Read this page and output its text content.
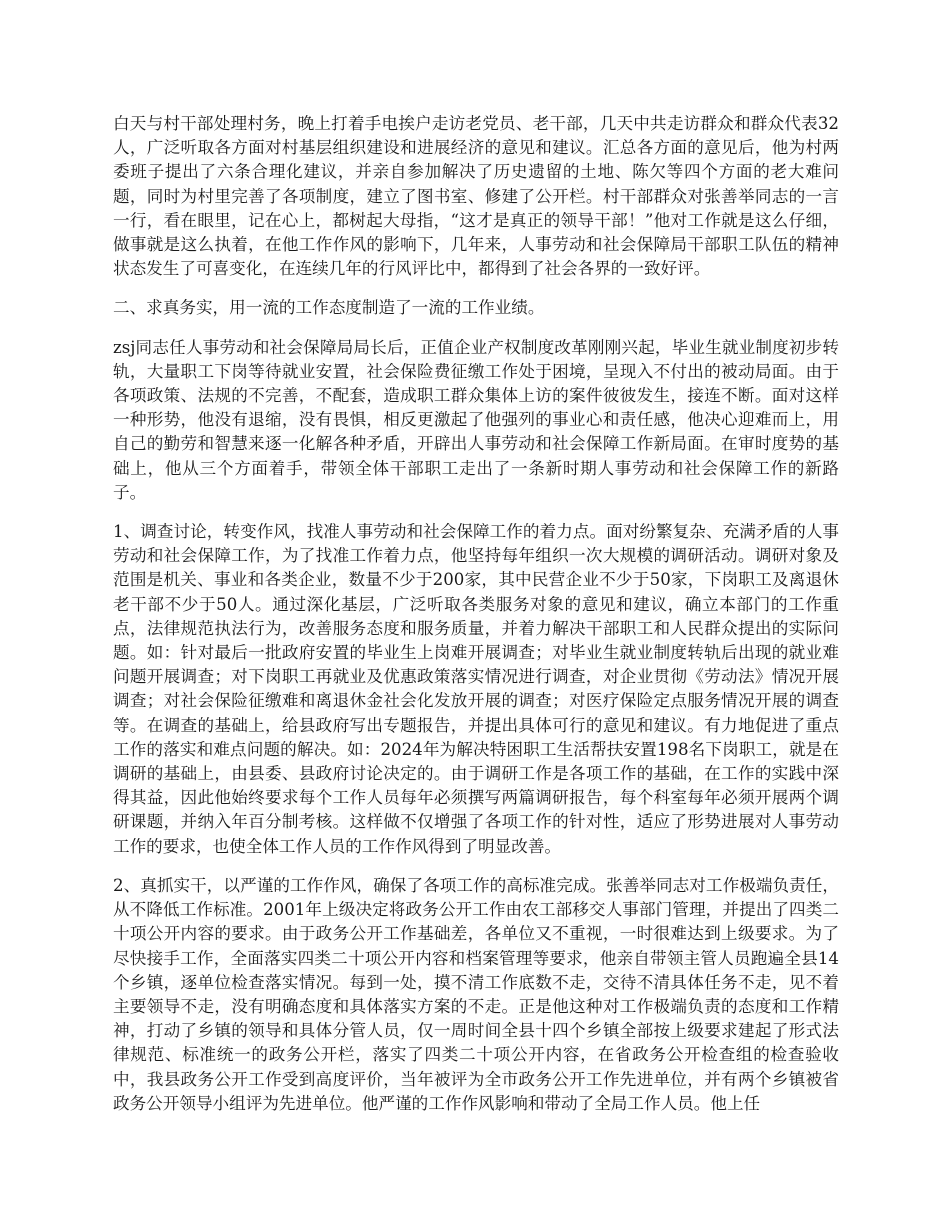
白天与村干部处理村务，晚上打着手电挨户走访老党员、老干部，几天中共走访群众和群众代表32人，广泛听取各方面对村基层组织建设和进展经济的意见和建议。汇总各方面的意见后，他为村两委班子提出了六条合理化建议，并亲自参加解决了历史遗留的土地、陈欠等四个方面的老大难问题，同时为村里完善了各项制度，建立了图书室、修建了公开栏。村干部群众对张善举同志的一言一行，看在眼里，记在心上，都树起大母指，“这才是真正的领导干部！”他对工作就是这么仔细，做事就是这么执着，在他工作作风的影响下，几年来，人事劳动和社会保障局干部职工队伍的精神状态发生了可喜变化，在连续几年的行风评比中，都得到了社会各界的一致好评。

二、求真务实，用一流的工作态度制造了一流的工作业绩。

zsj同志任人事劳动和社会保障局局长后，正值企业产权制度改革刚刚兴起，毕业生就业制度初步转轨，大量职工下岗等待就业安置，社会保险费征缴工作处于困境，呈现入不付出的被动局面。由于各项政策、法规的不完善，不配套，造成职工群众集体上访的案件彼彼发生，接连不断。面对这样一种形势，他没有退缩，没有畏惧，相反更激起了他强列的事业心和责任感，他决心迎难而上，用自己的勤劳和智慧来逐一化解各种矛盾，开辟出人事劳动和社会保障工作新局面。在审时度势的基础上，他从三个方面着手，带领全体干部职工走出了一条新时期人事劳动和社会保障工作的新路子。

1、调查讨论，转变作风，找准人事劳动和社会保障工作的着力点。面对纷繁复杂、充满矛盾的人事劳动和社会保障工作，为了找准工作着力点，他坚持每年组织一次大规模的调研活动。调研对象及范围是机关、事业和各类企业，数量不少于200家，其中民营企业不少于50家，下岗职工及离退休老干部不少于50人。通过深化基层，广泛听取各类服务对象的意见和建议，确立本部门的工作重点，法律规范执法行为，改善服务态度和服务质量，并着力解决干部职工和人民群众提出的实际问题。如：针对最后一批政府安置的毕业生上岗难开展调查；对毕业生就业制度转轨后出现的就业难问题开展调查；对下岗职工再就业及优惠政策落实情况进行调查，对企业贯彻《劳动法》情况开展调查；对社会保险征缴难和离退休金社会化发放开展的调查；对医疗保险定点服务情况开展的调查等。在调查的基础上，给县政府写出专题报告，并提出具体可行的意见和建议。有力地促进了重点工作的落实和难点问题的解决。如：2024年为解决特困职工生活帮扶安置198名下岗职工，就是在调研的基础上，由县委、县政府讨论决定的。由于调研工作是各项工作的基础，在工作的实践中深得其益，因此他始终要求每个工作人员每年必须撰写两篇调研报告，每个科室每年必须开展两个调研课题，并纳入年百分制考核。这样做不仅增强了各项工作的针对性，适应了形势进展对人事劳动工作的要求，也使全体工作人员的工作作风得到了明显改善。

2、真抓实干，以严谨的工作作风，确保了各项工作的高标准完成。张善举同志对工作极端负责任，从不降低工作标准。2001年上级决定将政务公开工作由农工部移交人事部门管理，并提出了四类二十项公开内容的要求。由于政务公开工作基础差，各单位又不重视，一时很难达到上级要求。为了尽快接手工作，全面落实四类二十项公开内容和档案管理等要求，他亲自带领主管人员跑遍全县14个乡镇，逐单位检查落实情况。每到一处，摸不清工作底数不走，交待不清具体任务不走，见不着主要领导不走，没有明确态度和具体落实方案的不走。正是他这种对工作极端负责的态度和工作精神，打动了乡镇的领导和具体分管人员，仅一周时间全县十四个乡镇全部按上级要求建起了形式法律规范、标准统一的政务公开栏，落实了四类二十项公开内容，在省政务公开检查组的检查验收中，我县政务公开工作受到高度评价，当年被评为全市政务公开工作先进单位，并有两个乡镇被省政务公开领导小组评为先进单位。他严谨的工作作风影响和带动了全局工作人员。他上任
